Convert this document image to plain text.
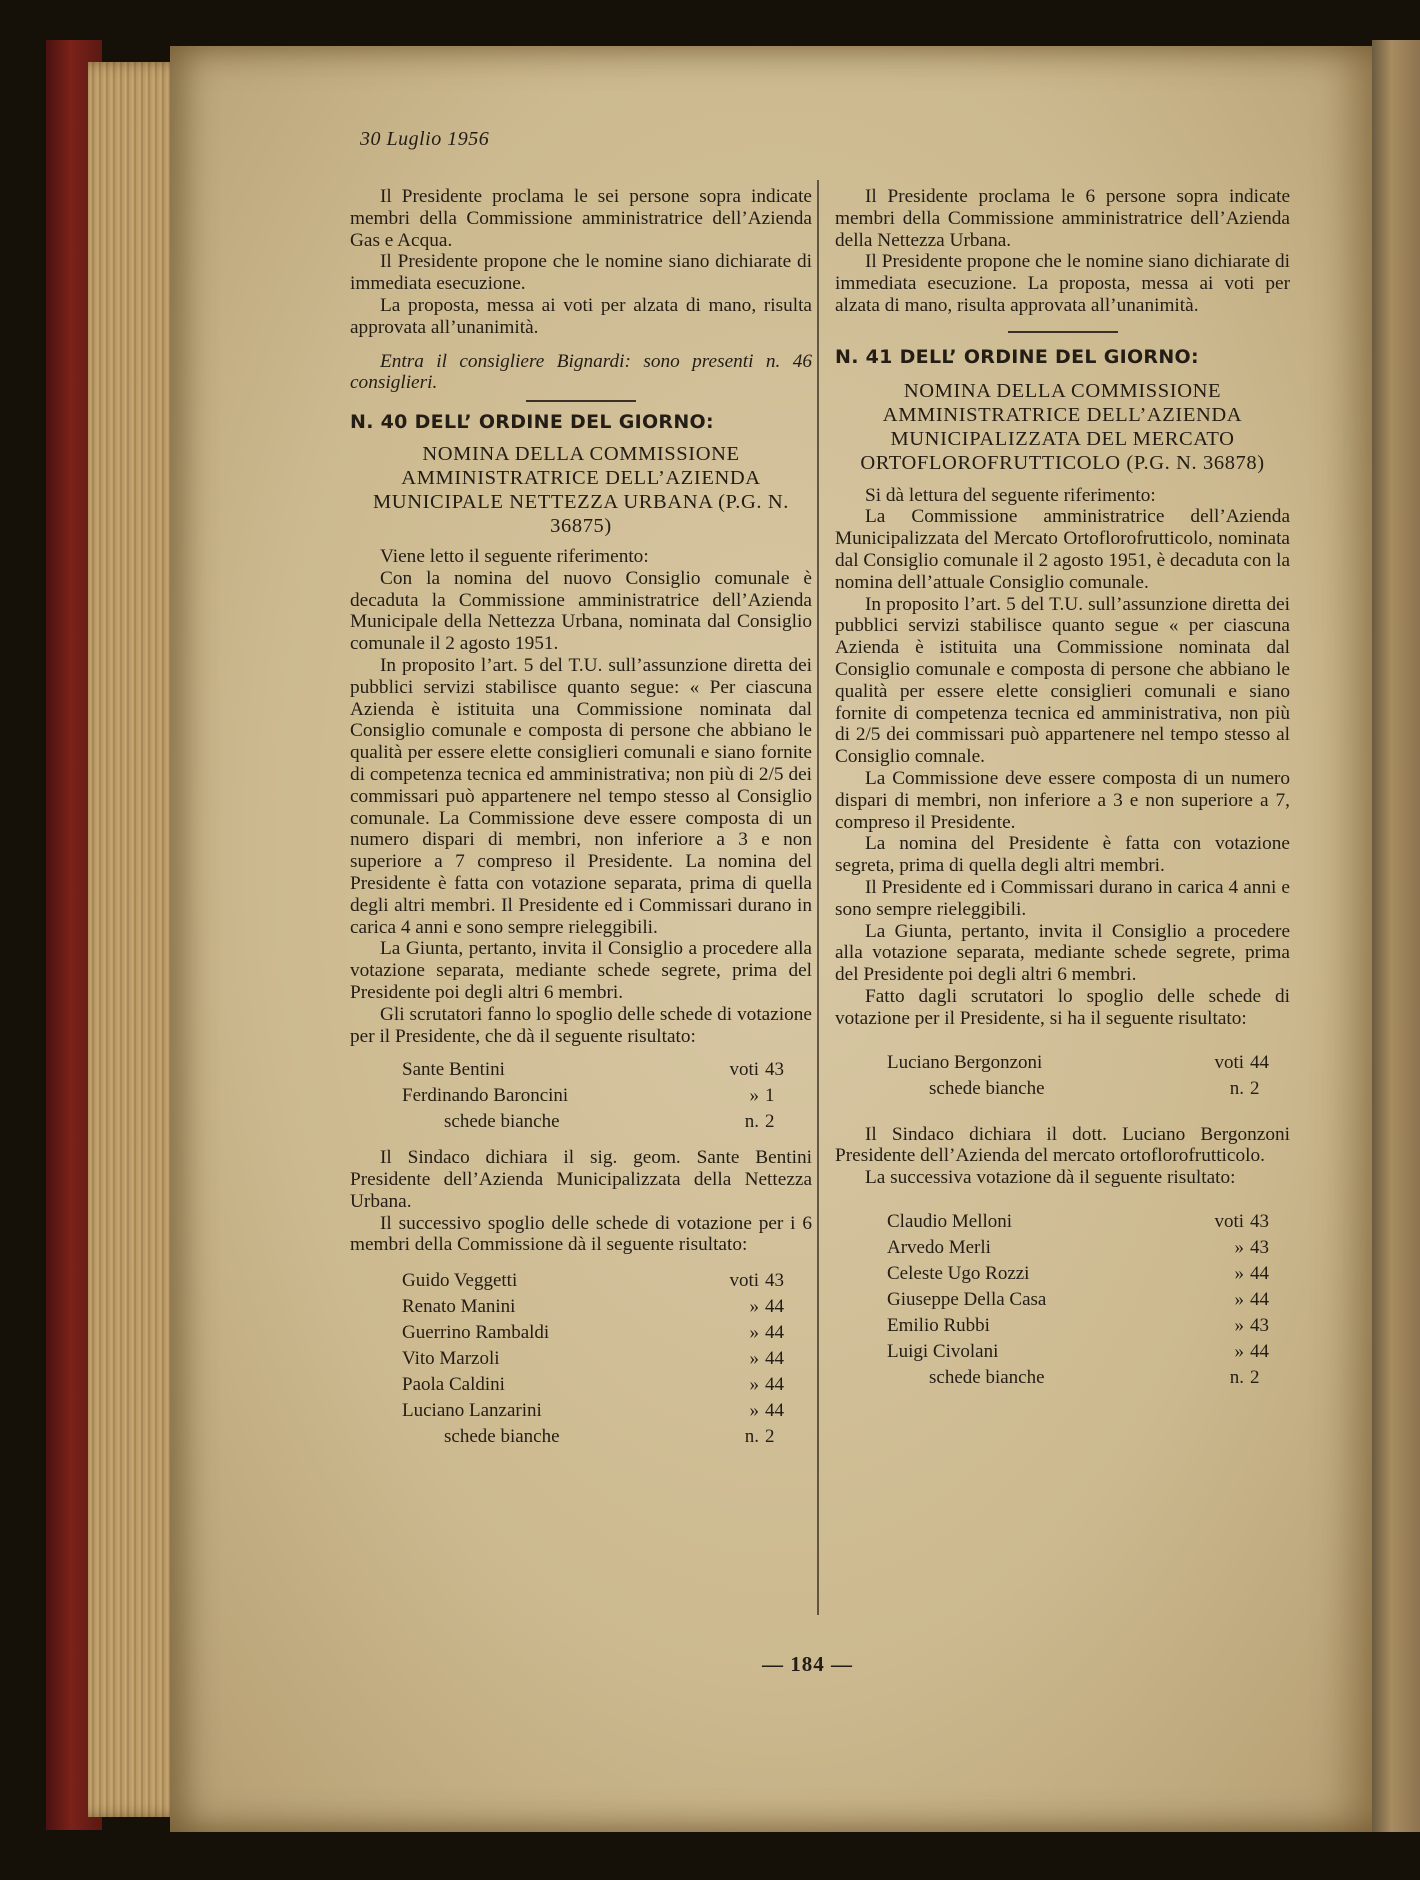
30 Luglio 1956

Il Presidente proclama le sei persone sopra indicate membri della Commissione amministratrice dell’Azienda Gas e Acqua.

Il Presidente propone che le nomine siano dichiarate di immediata esecuzione.

La proposta, messa ai voti per alzata di mano, risulta approvata all’unanimità.

Entra il consigliere Bignardi: sono presenti n. 46 consiglieri.

N. 40 DELL’ ORDINE DEL GIORNO:

NOMINA DELLA COMMISSIONE AMMINISTRATRICE DELL’AZIENDA MUNICIPALE NETTEZZA URBANA (P.G. N. 36875)

Viene letto il seguente riferimento:

Con la nomina del nuovo Consiglio comunale è decaduta la Commissione amministratrice dell’Azienda Municipale della Nettezza Urbana, nominata dal Consiglio comunale il 2 agosto 1951.

In proposito l’art. 5 del T.U. sull’assunzione diretta dei pubblici servizi stabilisce quanto segue: « Per ciascuna Azienda è istituita una Commissione nominata dal Consiglio comunale e composta di persone che abbiano le qualità per essere elette consiglieri comunali e siano fornite di competenza tecnica ed amministrativa; non più di 2/5 dei commissari può appartenere nel tempo stesso al Consiglio comunale. La Commissione deve essere composta di un numero dispari di membri, non inferiore a 3 e non superiore a 7 compreso il Presidente. La nomina del Presidente è fatta con votazione separata, prima di quella degli altri membri. Il Presidente ed i Commissari durano in carica 4 anni e sono sempre rieleggibili.

La Giunta, pertanto, invita il Consiglio a procedere alla votazione separata, mediante schede segrete, prima del Presidente poi degli altri 6 membri.

Gli scrutatori fanno lo spoglio delle schede di votazione per il Presidente, che dà il seguente risultato:

Sante Bentini	voti	43
Ferdinando Baroncini	»	1
schede bianche	n.	2

Il Sindaco dichiara il sig. geom. Sante Bentini Presidente dell’Azienda Municipalizzata della Nettezza Urbana.

Il successivo spoglio delle schede di votazione per i 6 membri della Commissione dà il seguente risultato:

Guido Veggetti	voti	43
Renato Manini	»	44
Guerrino Rambaldi	»	44
Vito Marzoli	»	44
Paola Caldini	»	44
Luciano Lanzarini	»	44
schede bianche	n.	2

Il Presidente proclama le 6 persone sopra indicate membri della Commissione amministratrice dell’Azienda della Nettezza Urbana.

Il Presidente propone che le nomine siano dichiarate di immediata esecuzione. La proposta, messa ai voti per alzata di mano, risulta approvata all’unanimità.

N. 41 DELL’ ORDINE DEL GIORNO:

NOMINA DELLA COMMISSIONE AMMINISTRATRICE DELL’AZIENDA MUNICIPALIZZATA DEL MERCATO ORTOFLOROFRUTTICOLO (P.G. N. 36878)

Si dà lettura del seguente riferimento:

La Commissione amministratrice dell’Azienda Municipalizzata del Mercato Ortoflorofrutticolo, nominata dal Consiglio comunale il 2 agosto 1951, è decaduta con la nomina dell’attuale Consiglio comunale.

In proposito l’art. 5 del T.U. sull’assunzione diretta dei pubblici servizi stabilisce quanto segue « per ciascuna Azienda è istituita una Commissione nominata dal Consiglio comunale e composta di persone che abbiano le qualità per essere elette consiglieri comunali e siano fornite di competenza tecnica ed amministrativa, non più di 2/5 dei commissari può appartenere nel tempo stesso al Consiglio comnale.

La Commissione deve essere composta di un numero dispari di membri, non inferiore a 3 e non superiore a 7, compreso il Presidente.

La nomina del Presidente è fatta con votazione segreta, prima di quella degli altri membri.

Il Presidente ed i Commissari durano in carica 4 anni e sono sempre rieleggibili.

La Giunta, pertanto, invita il Consiglio a procedere alla votazione separata, mediante schede segrete, prima del Presidente poi degli altri 6 membri.

Fatto dagli scrutatori lo spoglio delle schede di votazione per il Presidente, si ha il seguente risultato:

Luciano Bergonzoni	voti	44
schede bianche	n.	2

Il Sindaco dichiara il dott. Luciano Bergonzoni Presidente dell’Azienda del mercato ortoflorofrutticolo.

La successiva votazione dà il seguente risultato:

Claudio Melloni	voti	43
Arvedo Merli	»	43
Celeste Ugo Rozzi	»	44
Giuseppe Della Casa	»	44
Emilio Rubbi	»	43
Luigi Civolani	»	44
schede bianche	n.	2
— 184 —
